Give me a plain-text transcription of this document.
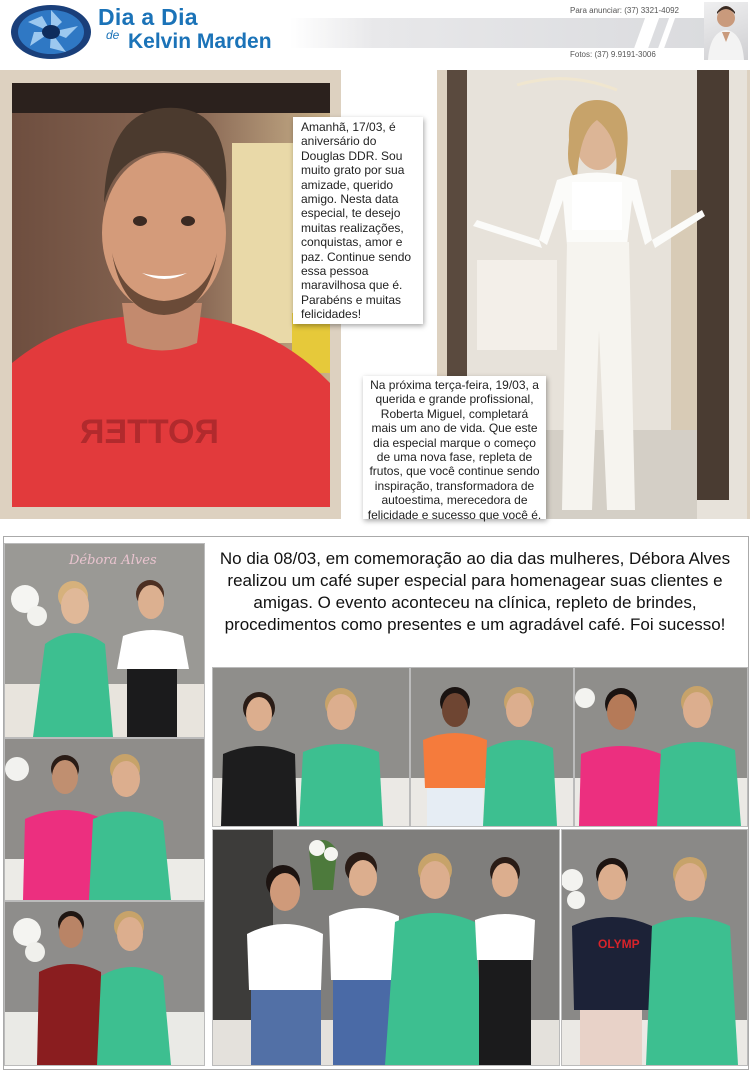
Dia a Dia
de Kelvin Marden
Para anunciar: (37) 3321-4092
Fotos: (37) 9.9191-3006
ЯƎTTOЯ
Amanhã, 17/03, é aniversário do Douglas DDR. Sou muito grato por sua amizade, querido amigo. Nesta data especial, te desejo muitas realizações, conquistas, amor e paz. Continue sendo essa pessoa maravilhosa que é. Parabéns e muitas felicidades!
Na próxima terça-feira, 19/03, a querida e grande profissional, Roberta Miguel, completará mais um ano de vida. Que este dia especial marque o começo de uma nova fase, repleta de frutos, que você continue sendo inspiração, transformadora de autoestima, merecedora de felicidade e sucesso que você é.
No dia 08/03, em comemoração ao dia das mulheres, Débora Alves realizou um café super especial para homenagear suas clientes e amigas. O evento aconteceu na clínica, repleto de brindes, procedimentos como presentes e um agradável café. Foi sucesso!
Débora Alves
OLYMP
